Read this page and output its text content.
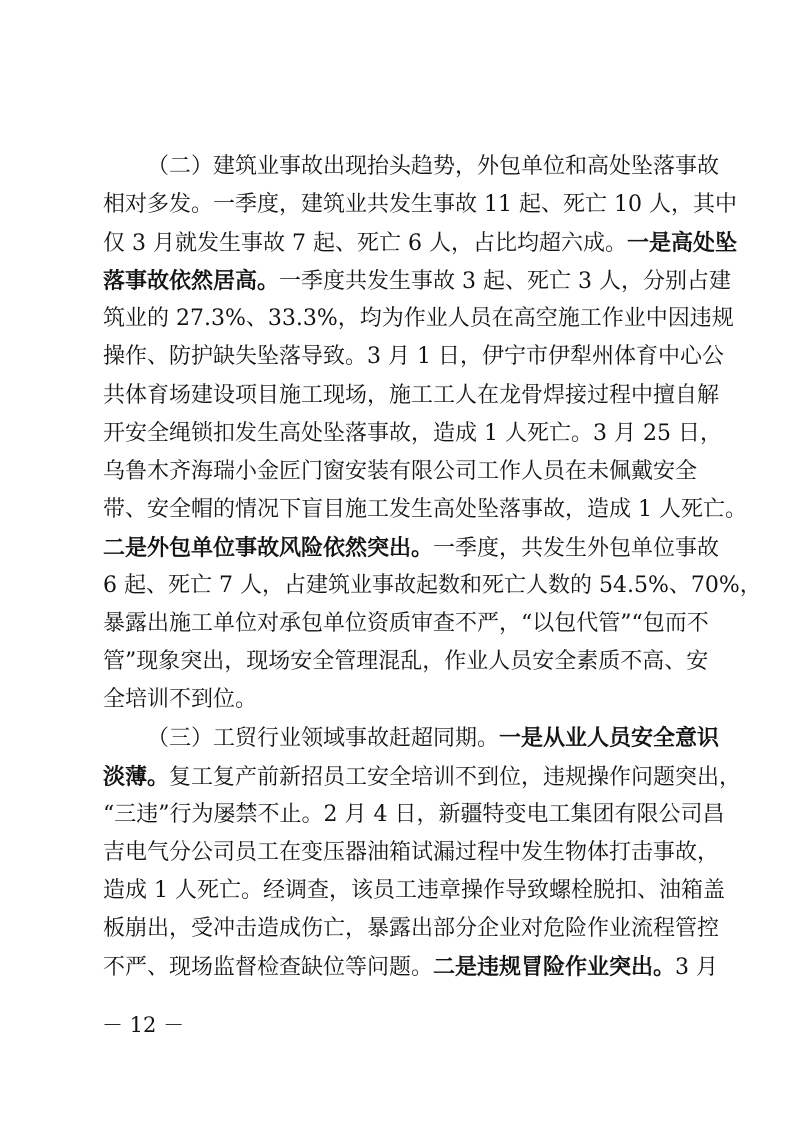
（二）建筑业事故出现抬头趋势，外包单位和高处坠落事故
相对多发。一季度，建筑业共发生事故 11 起、死亡 10 人，其中
仅 3 月就发生事故 7 起、死亡 6 人，占比均超六成。一是高处坠
落事故依然居高。一季度共发生事故 3 起、死亡 3 人，分别占建
筑业的 27.3%、33.3%，均为作业人员在高空施工作业中因违规
操作、防护缺失坠落导致。3 月 1 日，伊宁市伊犁州体育中心公
共体育场建设项目施工现场，施工工人在龙骨焊接过程中擅自解
开安全绳锁扣发生高处坠落事故，造成 1 人死亡。3 月 25 日，
乌鲁木齐海瑞小金匠门窗安装有限公司工作人员在未佩戴安全
带、安全帽的情况下盲目施工发生高处坠落事故，造成 1 人死亡。
二是外包单位事故风险依然突出。一季度，共发生外包单位事故
6 起、死亡 7 人，占建筑业事故起数和死亡人数的 54.5%、70%，
暴露出施工单位对承包单位资质审查不严，“以包代管”“包而不
管”现象突出，现场安全管理混乱，作业人员安全素质不高、安
全培训不到位。
（三）工贸行业领域事故赶超同期。一是从业人员安全意识
淡薄。复工复产前新招员工安全培训不到位，违规操作问题突出，
“三违”行为屡禁不止。2 月 4 日，新疆特变电工集团有限公司昌
吉电气分公司员工在变压器油箱试漏过程中发生物体打击事故，
造成 1 人死亡。经调查，该员工违章操作导致螺栓脱扣、油箱盖
板崩出，受冲击造成伤亡，暴露出部分企业对危险作业流程管控
不严、现场监督检查缺位等问题。二是违规冒险作业突出。3 月
－ 12 －
